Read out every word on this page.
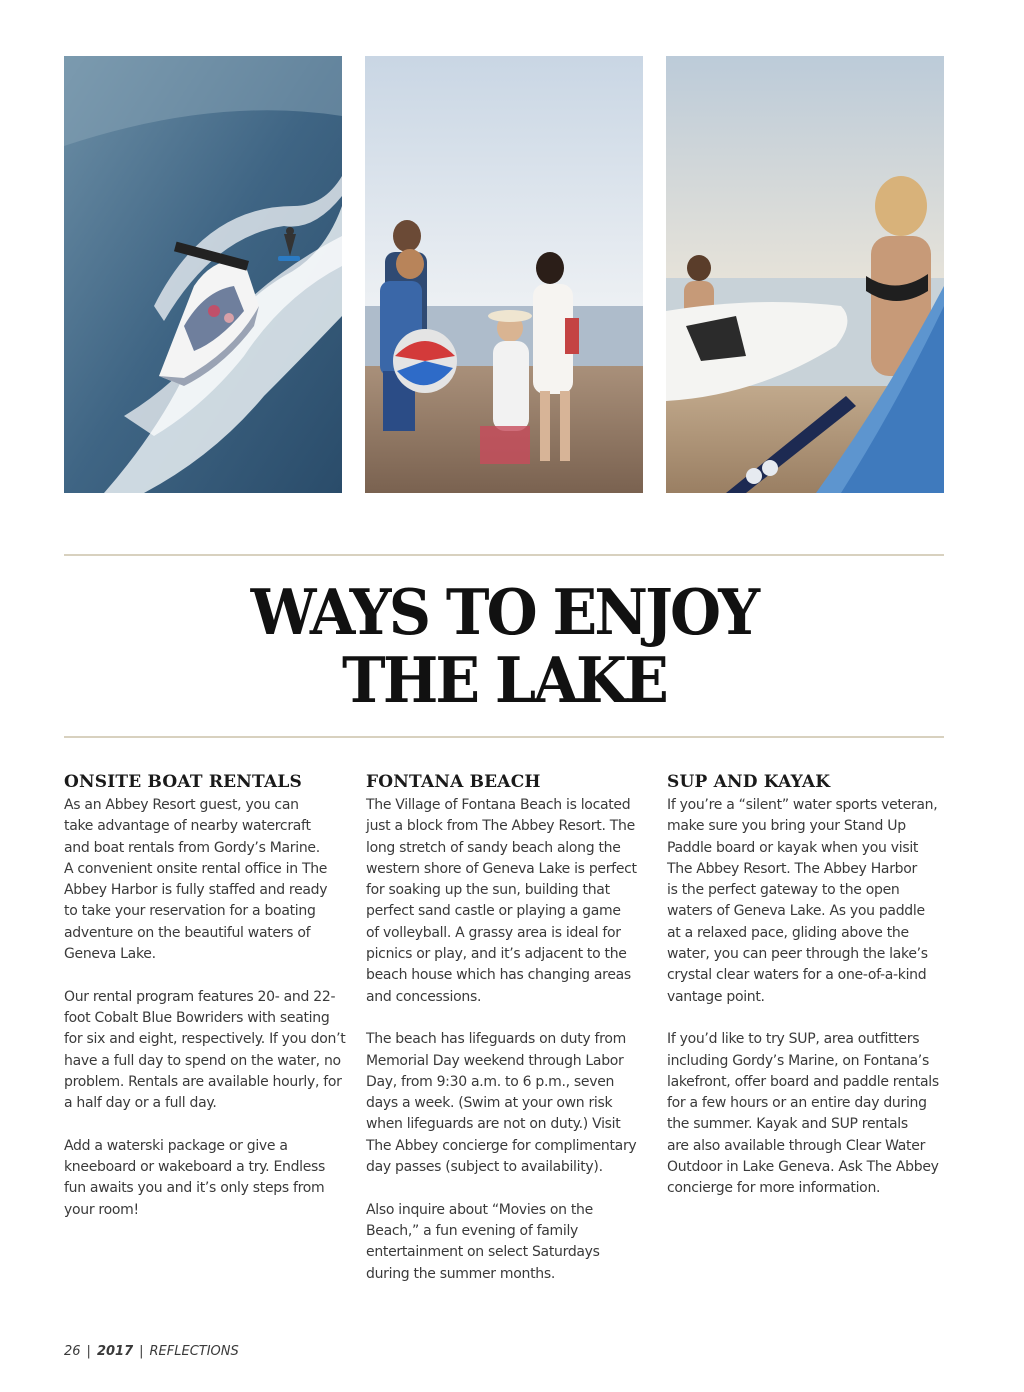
WAYS TO ENJOY
THE LAKE
ONSITE BOAT RENTALS

As an Abbey Resort guest, you can
take advantage of nearby watercraft
and boat rentals from Gordy’s Marine.
A convenient onsite rental office in The
Abbey Harbor is fully staffed and ready
to take your reservation for a boating
adventure on the beautiful waters of
Geneva Lake.

Our rental program features 20- and 22-
foot Cobalt Blue Bowriders with seating
for six and eight, respectively. If you don’t
have a full day to spend on the water, no
problem. Rentals are available hourly, for
a half day or a full day.

Add a waterski package or give a
kneeboard or wakeboard a try. Endless
fun awaits you and it’s only steps from
your room!

FONTANA BEACH

The Village of Fontana Beach is located
just a block from The Abbey Resort. The
long stretch of sandy beach along the
western shore of Geneva Lake is perfect
for soaking up the sun, building that
perfect sand castle or playing a game
of volleyball. A grassy area is ideal for
picnics or play, and it’s adjacent to the
beach house which has changing areas
and concessions.

The beach has lifeguards on duty from
Memorial Day weekend through Labor
Day, from 9:30 a.m. to 6 p.m., seven
days a week. (Swim at your own risk
when lifeguards are not on duty.) Visit
The Abbey concierge for complimentary
day passes (subject to availability).

Also inquire about “Movies on the
Beach,” a fun evening of family
entertainment on select Saturdays
during the summer months.

SUP AND KAYAK

If you’re a “silent” water sports veteran,
make sure you bring your Stand Up
Paddle board or kayak when you visit
The Abbey Resort. The Abbey Harbor
is the perfect gateway to the open
waters of Geneva Lake. As you paddle
at a relaxed pace, gliding above the
water, you can peer through the lake’s
crystal clear waters for a one-of-a-kind
vantage point.

If you’d like to try SUP, area outfitters
including Gordy’s Marine, on Fontana’s
lakefront, offer board and paddle rentals
for a few hours or an entire day during
the summer. Kayak and SUP rentals
are also available through Clear Water
Outdoor in Lake Geneva. Ask The Abbey
concierge for more information.

26 | 2017 | REFLECTIONS
